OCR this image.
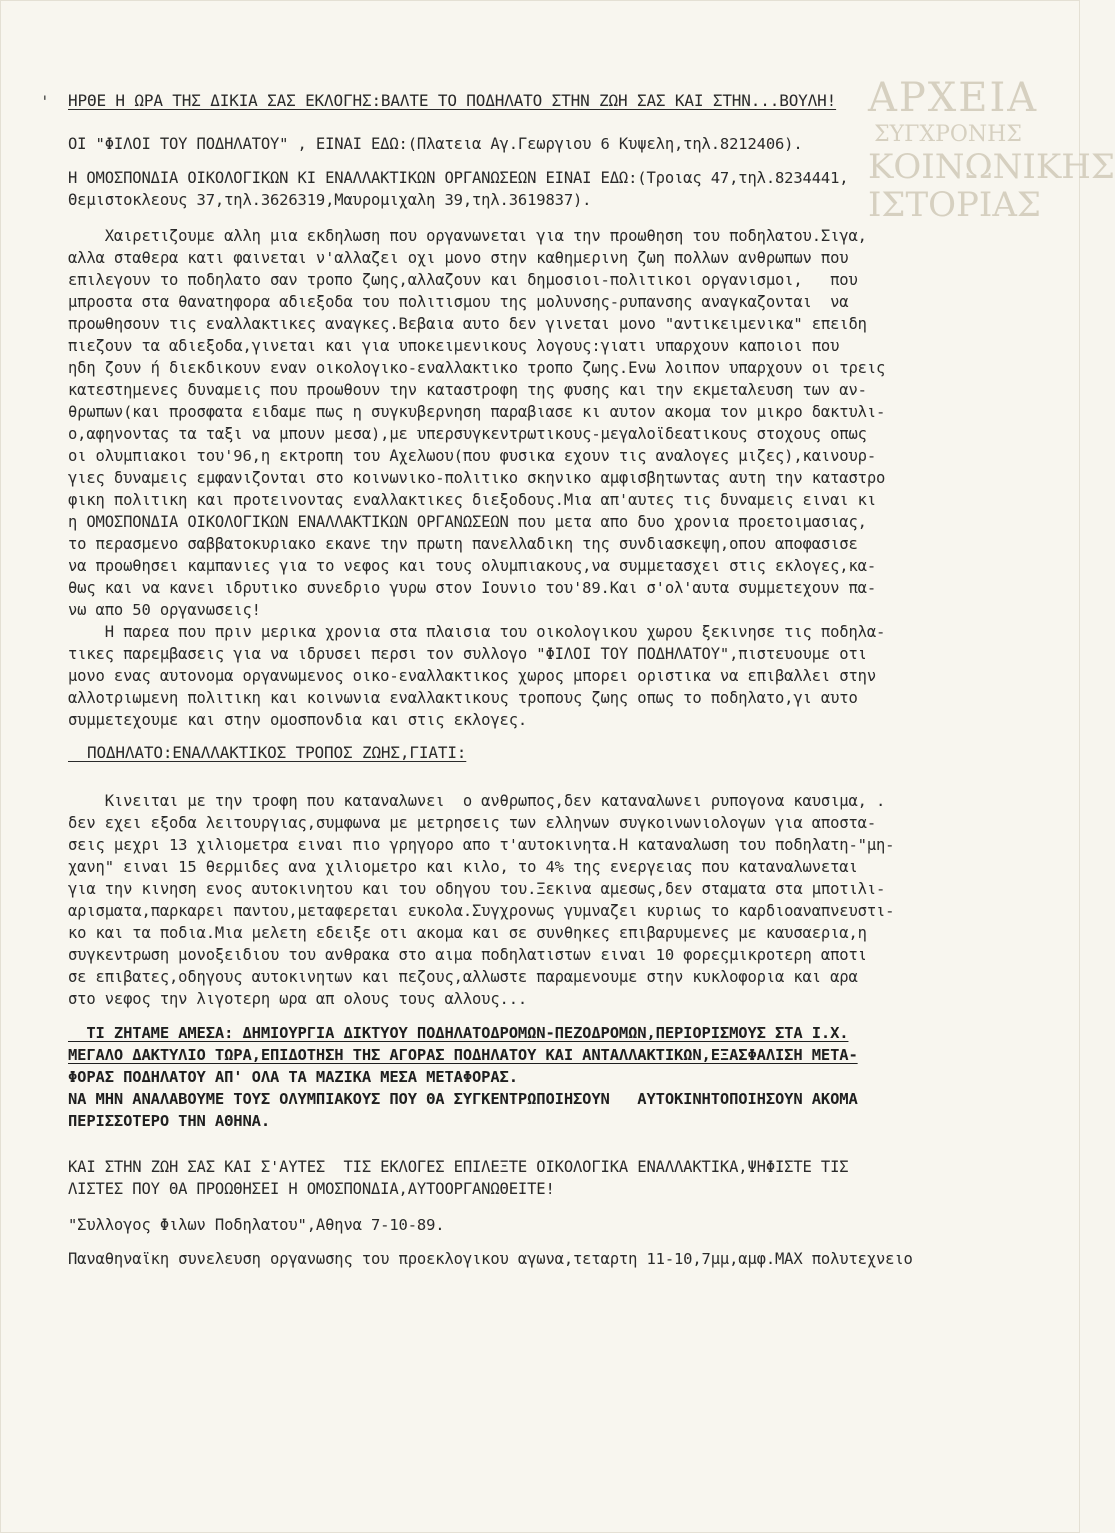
ΑΡΧΕΙΑ
ΣΥΓΧΡΟΝΗΣ
ΚΟΙΝΩΝΙΚΗΣ
ΙΣΤΟΡΙΑΣ
' ΗΡΘΕ Η ΩΡΑ ΤΗΣ ΔΙΚΙΑ ΣΑΣ ΕΚΛΟΓΗΣ:ΒΑΛΤΕ ΤΟ ΠΟΔΗΛΑΤΟ ΣΤΗΝ ΖΩΗ ΣΑΣ ΚΑΙ ΣΤΗΝ...ΒΟΥΛΗ!
ΟΙ "ΦΙΛΟΙ ΤΟΥ ΠΟΔΗΛΑΤΟΥ" , ΕΙΝΑΙ ΕΔΩ:(Πλατεια Αγ.Γεωργιου 6 Κυψελη,τηλ.8212406).
Η ΟΜΟΣΠΟΝΔΙΑ ΟΙΚΟΛΟΓΙΚΩΝ ΚΙ ΕΝΑΛΛΑΚΤΙΚΩΝ ΟΡΓΑΝΩΣΕΩΝ ΕΙΝΑΙ ΕΔΩ:(Τροιας 47,τηλ.8234441,
Θεμιστοκλεους 37,τηλ.3626319,Μαυρομιχαλη 39,τηλ.3619837).
Χαιρετιζουμε αλλη μια εκδηλωση που οργανωνεται για την προωθηση του ποδηλατου.Σιγα,
αλλα σταθερα κατι φαινεται ν'αλλαζει οχι μονο στην καθημερινη ζωη πολλων ανθρωπων που
επιλεγουν το ποδηλατο σαν τροπο ζωης,αλλαζουν και δημοσιοι-πολιτικοι οργανισμοι,   που
μπροστα στα θανατηφορα αδιεξοδα του πολιτισμου της μολυνσης-ρυπανσης αναγκαζονται  να
προωθησουν τις εναλλακτικες αναγκες.Βεβαια αυτο δεν γινεται μονο "αντικειμενικα" επειδη
πιεζουν τα αδιεξοδα,γινεται και για υποκειμενικους λογους:γιατι υπαρχουν καποιοι που
ηδη ζουν ή διεκδικουν εναν οικολογικο-εναλλακτικο τροπο ζωης.Ενω λοιπον υπαρχουν οι τρεις
κατεστημενες δυναμεις που προωθουν την καταστροφη της φυσης και την εκμεταλευση των αν-
θρωπων(και προσφατα ειδαμε πως η συγκυβερνηση παραβιασε κι αυτον ακομα τον μικρο δακτυλι-
ο,αφηνοντας τα ταξι να μπουν μεσα),με υπερσυγκεντρωτικους-μεγαλοϊδεατικους στοχους οπως
οι ολυμπιακοι του'96,η εκτροπη του Αχελωου(που φυσικα εχουν τις αναλογες μιζες),καινουρ-
γιες δυναμεις εμφανιζονται στο κοινωνικο-πολιτικο σκηνικο αμφισβητωντας αυτη την καταστρο
φικη πολιτικη και προτεινοντας εναλλακτικες διεξοδους.Μια απ'αυτες τις δυναμεις ειναι κι
η ΟΜΟΣΠΟΝΔΙΑ ΟΙΚΟΛΟΓΙΚΩΝ ΕΝΑΛΛΑΚΤΙΚΩΝ ΟΡΓΑΝΩΣΕΩΝ που μετα απο δυο χρονια προετοιμασιας,
το περασμενο σαββατοκυριακο εκανε την πρωτη πανελλαδικη της συνδιασκεψη,οπου αποφασισε
να προωθησει καμπανιες για το νεφος και τους ολυμπιακους,να συμμετασχει στις εκλογες,κα-
θως και να κανει ιδρυτικο συνεδριο γυρω στον Ιουνιο του'89.Και σ'ολ'αυτα συμμετεχουν πα-
νω απο 50 οργανωσεις!
Η παρεα που πριν μερικα χρονια στα πλαισια του οικολογικου χωρου ξεκινησε τις ποδηλα-
τικες παρεμβασεις για να ιδρυσει περσι τον συλλογο "ΦΙΛΟΙ ΤΟΥ ΠΟΔΗΛΑΤΟΥ",πιστευουμε οτι
μονο ενας αυτονομα οργανωμενος οικο-εναλλακτικος χωρος μπορει οριστικα να επιβαλλει στην
αλλοτριωμενη πολιτικη και κοινωνια εναλλακτικους τροπους ζωης οπως το ποδηλατο,γι αυτο
συμμετεχουμε και στην ομοσπονδια και στις εκλογες.
ΠΟΔΗΛΑΤΟ:ΕΝΑΛΛΑΚΤΙΚΟΣ ΤΡΟΠΟΣ ΖΩΗΣ,ΓΙΑΤΙ:
Κινειται με την τροφη που καταναλωνει  ο ανθρωπος,δεν καταναλωνει ρυπογονα καυσιμα, .
δεν εχει εξοδα λειτουργιας,συμφωνα με μετρησεις των ελληνων συγκοινωνιολογων για αποστα-
σεις μεχρι 13 χιλιομετρα ειναι πιο γρηγορο απο τ'αυτοκινητα.Η καταναλωση του ποδηλατη-"μη-
χανη" ειναι 15 θερμιδες ανα χιλιομετρο και κιλο, το 4% της ενεργειας που καταναλωνεται
για την κινηση ενος αυτοκινητου και του οδηγου του.Ξεκινα αμεσως,δεν σταματα στα μποτιλι-
αρισματα,παρκαρει παντου,μεταφερεται ευκολα.Συγχρονως γυμναζει κυριως το καρδιοαναπνευστι-
κο και τα ποδια.Μια μελετη εδειξε οτι ακομα και σε συνθηκες επιβαρυμενες με καυσαερια,η
συγκεντρωση μονοξειδιου του ανθρακα στο αιμα ποδηλατιστων ειναι 10 φορεςμικροτερη αποτι
σε επιβατες,οδηγους αυτοκινητων και πεζους,αλλωστε παραμενουμε στην κυκλοφορια και αρα
στο νεφος την λιγοτερη ωρα απ ολους τους αλλους...
ΤΙ ΖΗΤΑΜΕ ΑΜΕΣΑ: ΔΗΜΙΟΥΡΓΙΑ ΔΙΚΤΥΟΥ ΠΟΔΗΛΑΤΟΔΡΟΜΩΝ-ΠΕΖΟΔΡΟΜΩΝ,ΠΕΡΙΟΡΙΣΜΟΥΣ ΣΤΑ Ι.Χ.
ΜΕΓΑΛΟ ΔΑΚΤΥΛΙΟ ΤΩΡΑ,ΕΠΙΔΟΤΗΣΗ ΤΗΣ ΑΓΟΡΑΣ ΠΟΔΗΛΑΤΟΥ ΚΑΙ ΑΝΤΑΛΛΑΚΤΙΚΩΝ,ΕΞΑΣΦΑΛΙΣΗ ΜΕΤΑ-
ΦΟΡΑΣ ΠΟΔΗΛΑΤΟΥ ΑΠ' ΟΛΑ ΤΑ ΜΑΖΙΚΑ ΜΕΣΑ ΜΕΤΑΦΟΡΑΣ.
ΝΑ ΜΗΝ ΑΝΑΛΑΒΟΥΜΕ ΤΟΥΣ ΟΛΥΜΠΙΑΚΟΥΣ ΠΟΥ ΘΑ ΣΥΓΚΕΝΤΡΩΠΟΙΗΣΟΥΝ   ΑΥΤΟΚΙΝΗΤΟΠΟΙΗΣΟΥΝ ΑΚΟΜΑ
ΠΕΡΙΣΣΟΤΕΡΟ ΤΗΝ ΑΘΗΝΑ.
ΚΑΙ ΣΤΗΝ ΖΩΗ ΣΑΣ ΚΑΙ Σ'ΑΥΤΕΣ  ΤΙΣ ΕΚΛΟΓΕΣ ΕΠΙΛΕΞΤΕ ΟΙΚΟΛΟΓΙΚΑ ΕΝΑΛΛΑΚΤΙΚΑ,ΨΗΦΙΣΤΕ ΤΙΣ
ΛΙΣΤΕΣ ΠΟΥ ΘΑ ΠΡΟΩΘΗΣΕΙ Η ΟΜΟΣΠΟΝΔΙΑ,ΑΥΤΟΟΡΓΑΝΩΘΕΙΤΕ!
"Συλλογος Φιλων Ποδηλατου",Αθηνα 7-10-89.
Παναθηναϊκη συνελευση οργανωσης του προεκλογικου αγωνα,τεταρτη 11-10,7μμ,αμφ.ΜΑΧ πολυτεχνειο
